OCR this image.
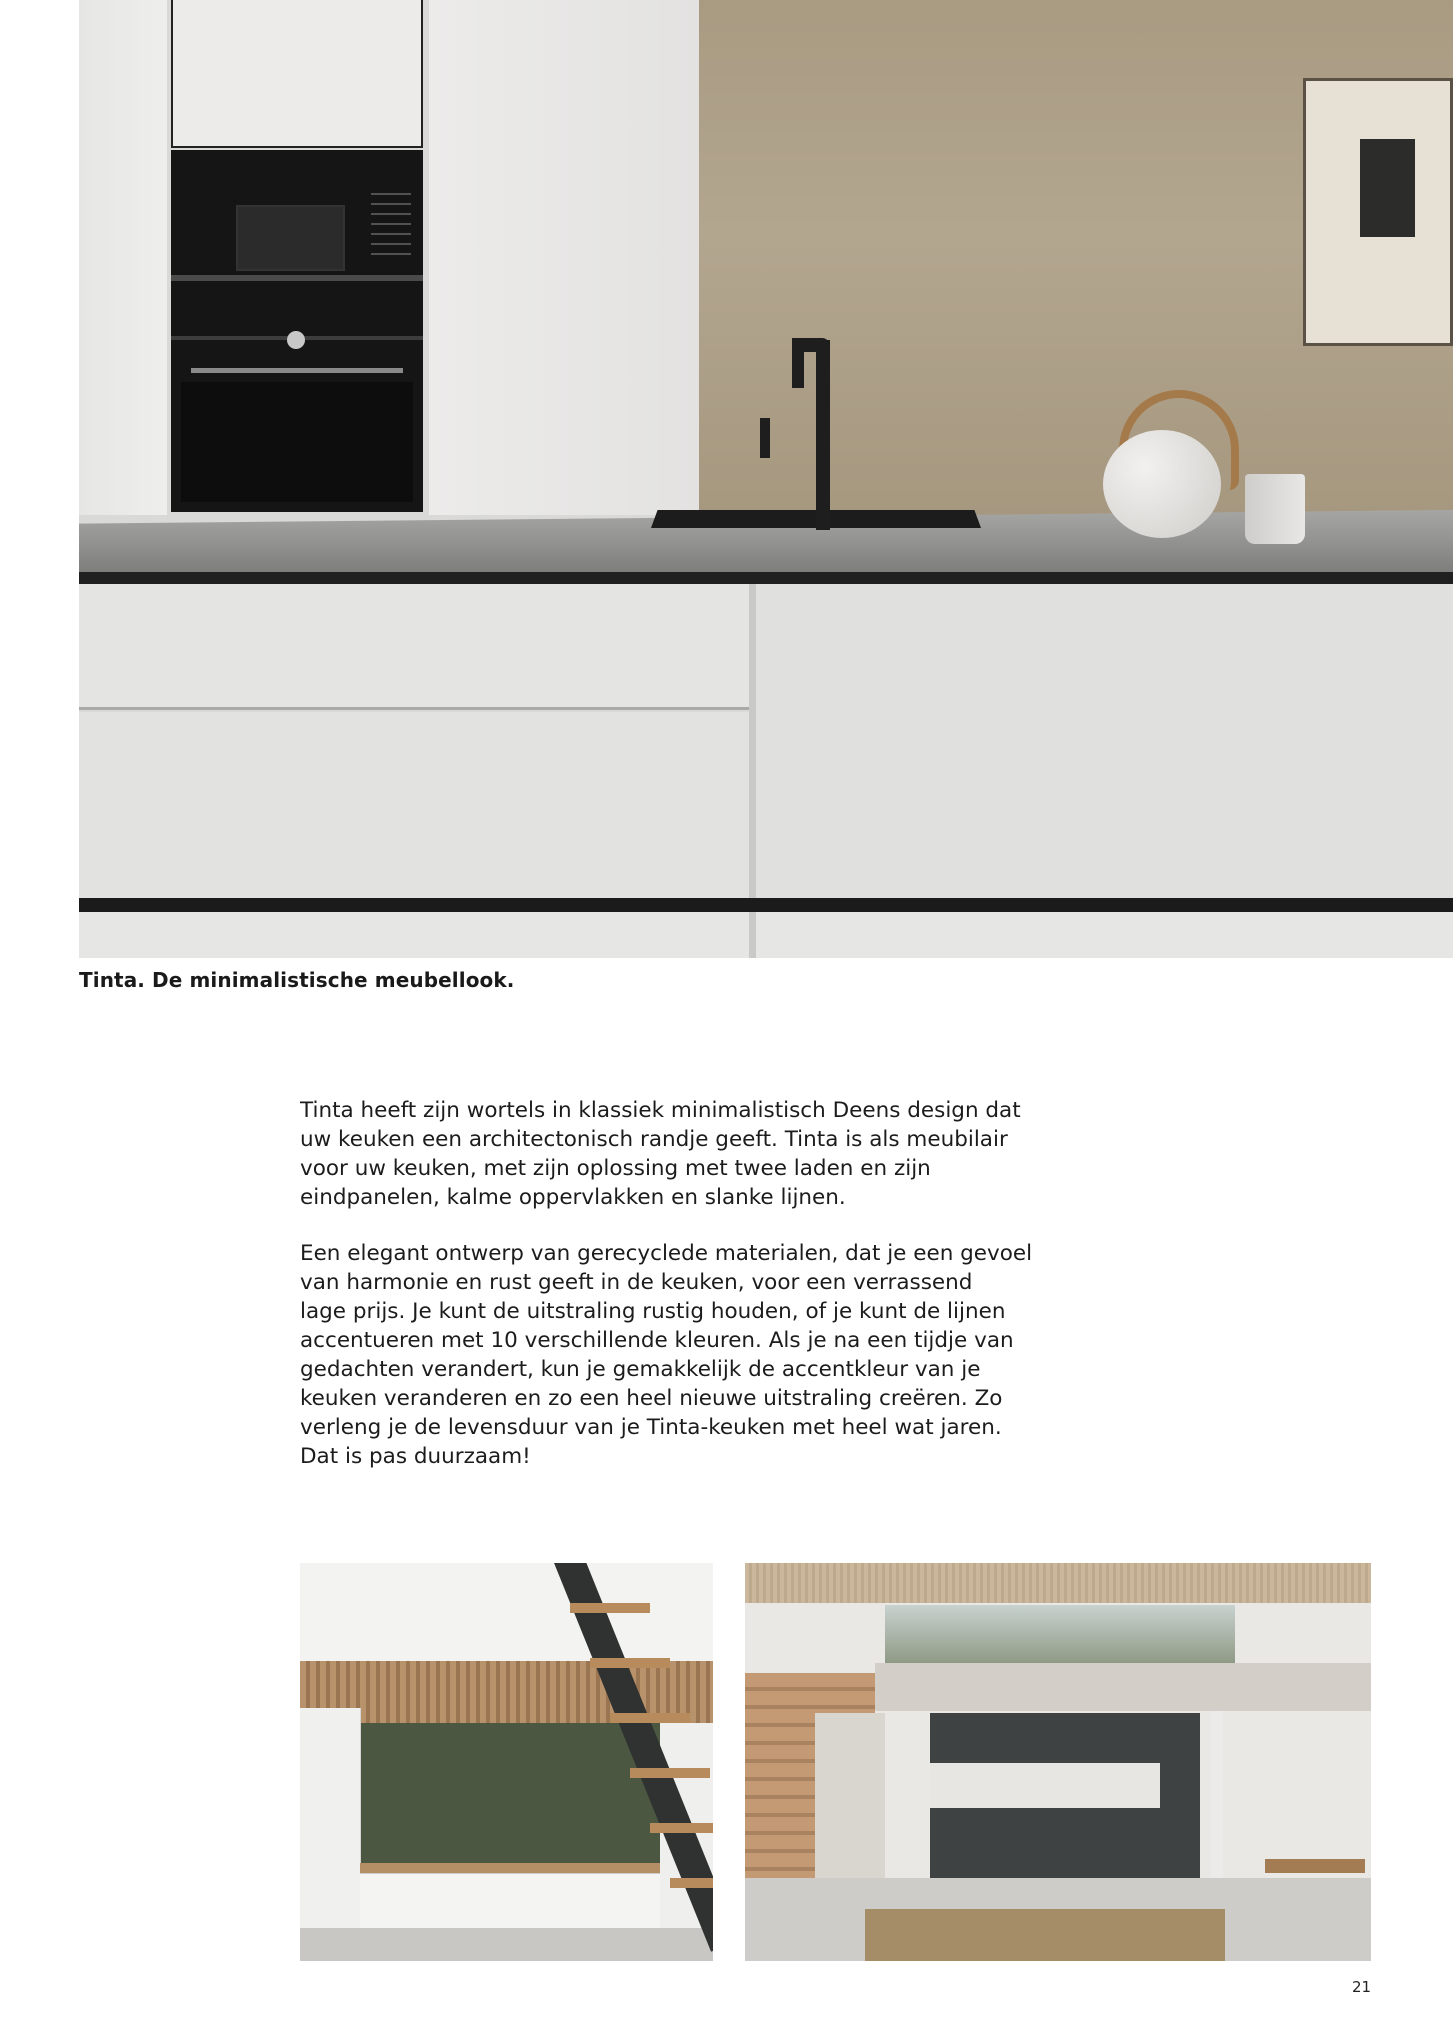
Tinta. De minimalistische meubellook.
Tinta heeft zijn wortels in klassiek minimalistisch Deens design dat
uw keuken een architectonisch randje geeft. Tinta is als meubilair
voor uw keuken, met zijn oplossing met twee laden en zijn
eindpanelen, kalme oppervlakken en slanke lijnen.
Een elegant ontwerp van gerecyclede materialen, dat je een gevoel
van harmonie en rust geeft in de keuken, voor een verrassend
lage prijs. Je kunt de uitstraling rustig houden, of je kunt de lijnen
accentueren met 10 verschillende kleuren. Als je na een tijdje van
gedachten verandert, kun je gemakkelijk de accentkleur van je
keuken veranderen en zo een heel nieuwe uitstraling creëren. Zo
verleng je de levensduur van je Tinta-keuken met heel wat jaren.
Dat is pas duurzaam!
21
